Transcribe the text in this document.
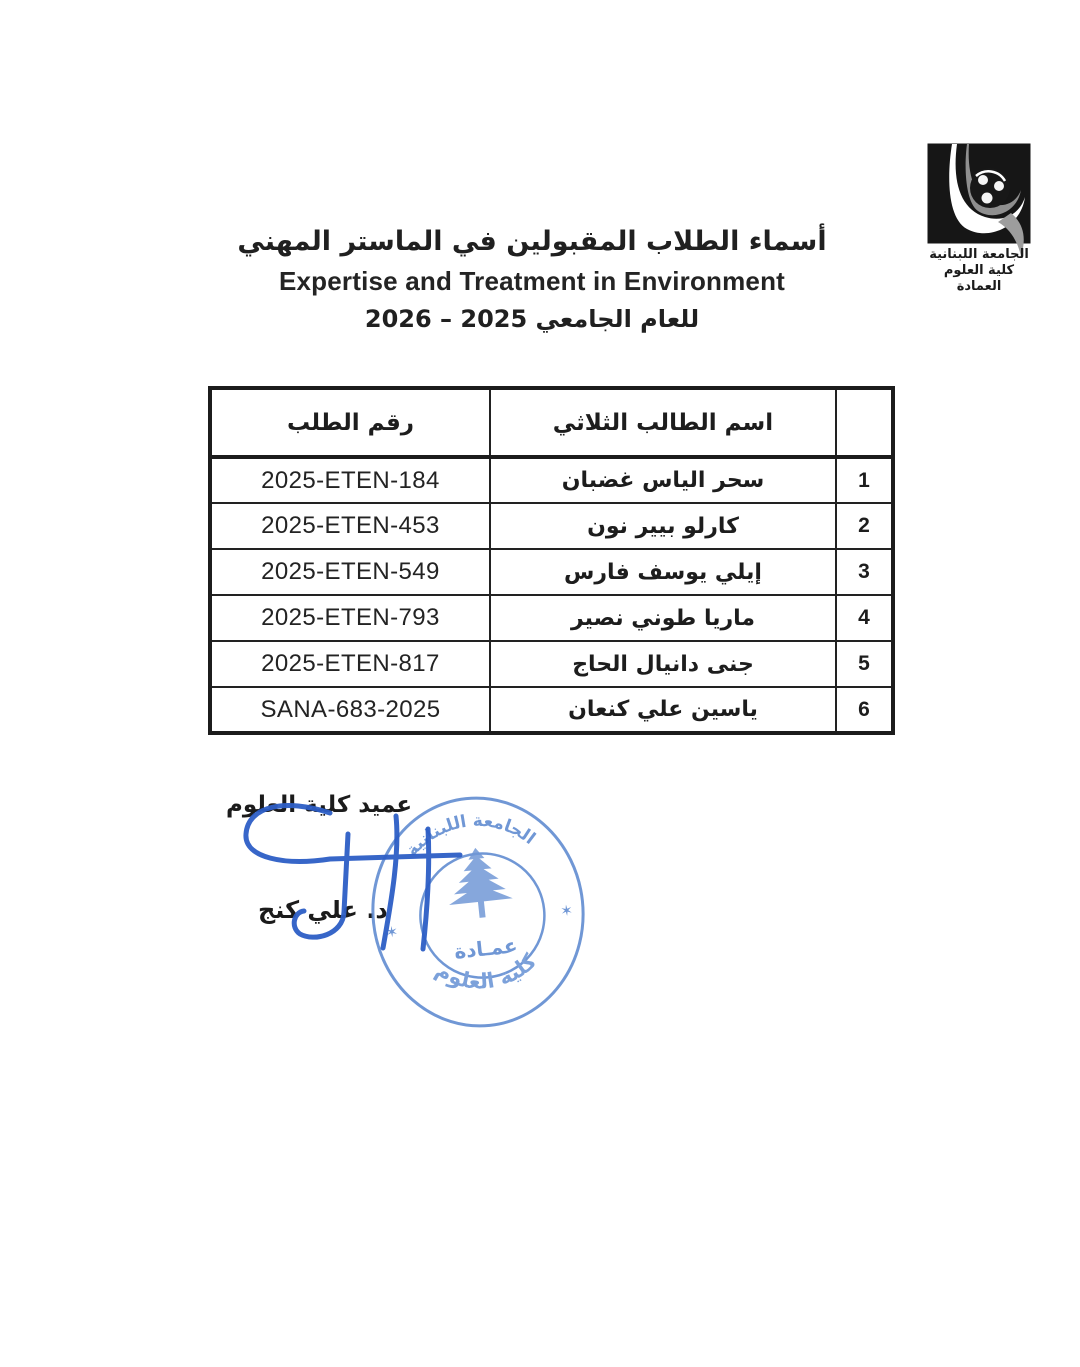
الجامعة اللبنانية
كلية العلوم
العمادة
أسماء الطلاب المقبولين في الماستر المهني
Expertise and Treatment in Environment
للعام الجامعي 2025 – 2026
رقم الطلب	اسم الطالب الثلاثي	
2025-ETEN-184	سحر الياس غضبان	1
2025-ETEN-453	كارلو بيير نون	2
2025-ETEN-549	إيلي يوسف فارس	3
2025-ETEN-793	ماريا طوني نصير	4
2025-ETEN-817	جنى دانيال الحاج	5
SANA-683-2025	ياسين علي كنعان	6
عميد كلية العلوم
د. علي كنج
عمـادة
الجامعة اللبنانية
كلية العلوم
✶
✶
